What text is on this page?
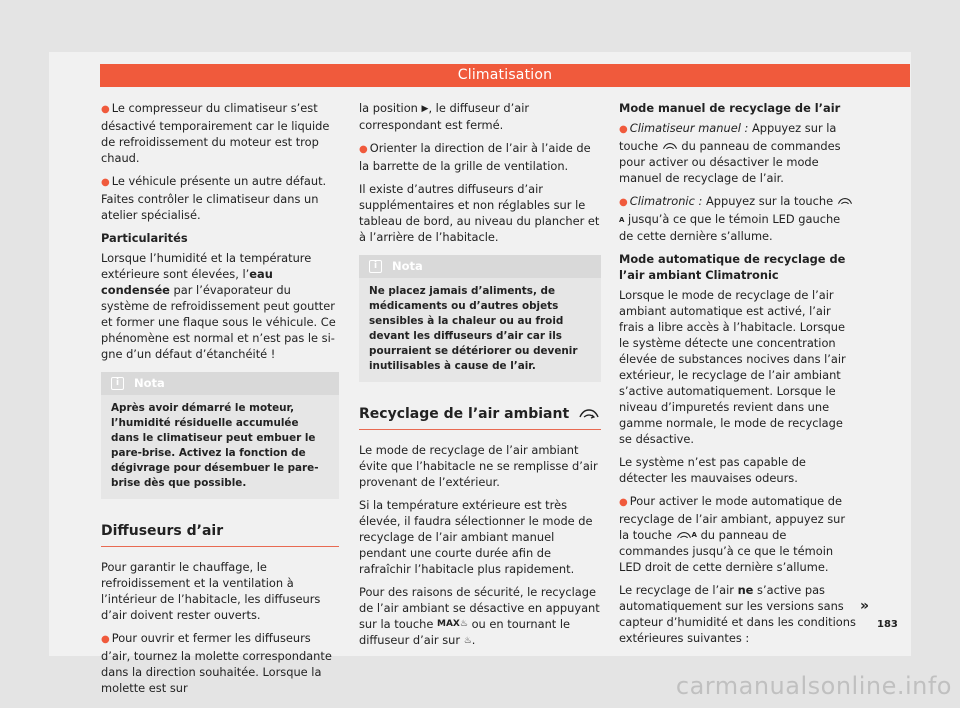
Climatisation

● Le compresseur du climatiseur s’est désactivé temporairement car le liquide de refroidissement du moteur est trop chaud.

● Le véhicule présente un autre défaut. Faites contrôler le climatiseur dans un atelier spécialisé.

Particularités

Lorsque l’humidité et la température extérieure sont élevées, l’eau condensée par l’évaporateur du système de refroidissement peut goutter et former une flaque sous le véhicule. Ce phénomène est normal et n’est pas le signe d’un défaut d’étanchéité !

i Nota
Après avoir démarré le moteur, l’humidité résiduelle accumulée dans le climatiseur peut embuer le pare-brise. Activez la fonction de dégivrage pour désembuer le pare-brise dès que possible.
Diffuseurs d’air

Pour garantir le chauffage, le refroidissement et la ventilation à l’intérieur de l’habitacle, les diffuseurs d’air doivent rester ouverts.

● Pour ouvrir et fermer les diffuseurs d’air, tournez la molette correspondante dans la direction souhaitée. Lorsque la molette est sur

la position ▶, le diffuseur d’air correspondant est fermé.

● Orienter la direction de l’air à l’aide de la barrette de la grille de ventilation.

Il existe d’autres diffuseurs d’air supplémentaires et non réglables sur le tableau de bord, au niveau du plancher et à l’arrière de l’habitacle.

i Nota
Ne placez jamais d’aliments, de médicaments ou d’autres objets sensibles à la chaleur ou au froid devant les diffuseurs d’air car ils pourraient se détériorer ou devenir inutilisables à cause de l’air.
Recyclage de l’air ambiant

Le mode de recyclage de l’air ambiant évite que l’habitacle ne se remplisse d’air provenant de l’extérieur.

Si la température extérieure est très élevée, il faudra sélectionner le mode de recyclage de l’air ambiant manuel pendant une courte durée afin de rafraîchir l’habitacle plus rapidement.

Pour des raisons de sécurité, le recyclage de l’air ambiant se désactive en appuyant sur la touche MAX♨ ou en tournant le diffuseur d’air sur ♨.

Mode manuel de recyclage de l’air

● Climatiseur manuel : Appuyez sur la touche  du panneau de commandes pour activer ou désactiver le mode manuel de recyclage de l’air.

● Climatronic : Appuyez sur la touche A jusqu’à ce que le témoin LED gauche de cette dernière s’allume.

Mode automatique de recyclage de l’air ambiant Climatronic

Lorsque le mode de recyclage de l’air ambiant automatique est activé, l’air frais a libre accès à l’habitacle. Lorsque le système détecte une concentration élevée de substances nocives dans l’air extérieur, le recyclage de l’air ambiant s’active automatiquement. Lorsque le niveau d’impuretés revient dans une gamme normale, le mode de recyclage se désactive.

Le système n’est pas capable de détecter les mauvaises odeurs.

● Pour activer le mode automatique de recyclage de l’air ambiant, appuyez sur la touche A du panneau de commandes jusqu’à ce que le témoin LED droit de cette dernière s’allume.

Le recyclage de l’air ne s’active pas automatiquement sur les versions sans capteur d’humidité et dans les conditions extérieures suivantes :

»
183
carmanualsonline.info
